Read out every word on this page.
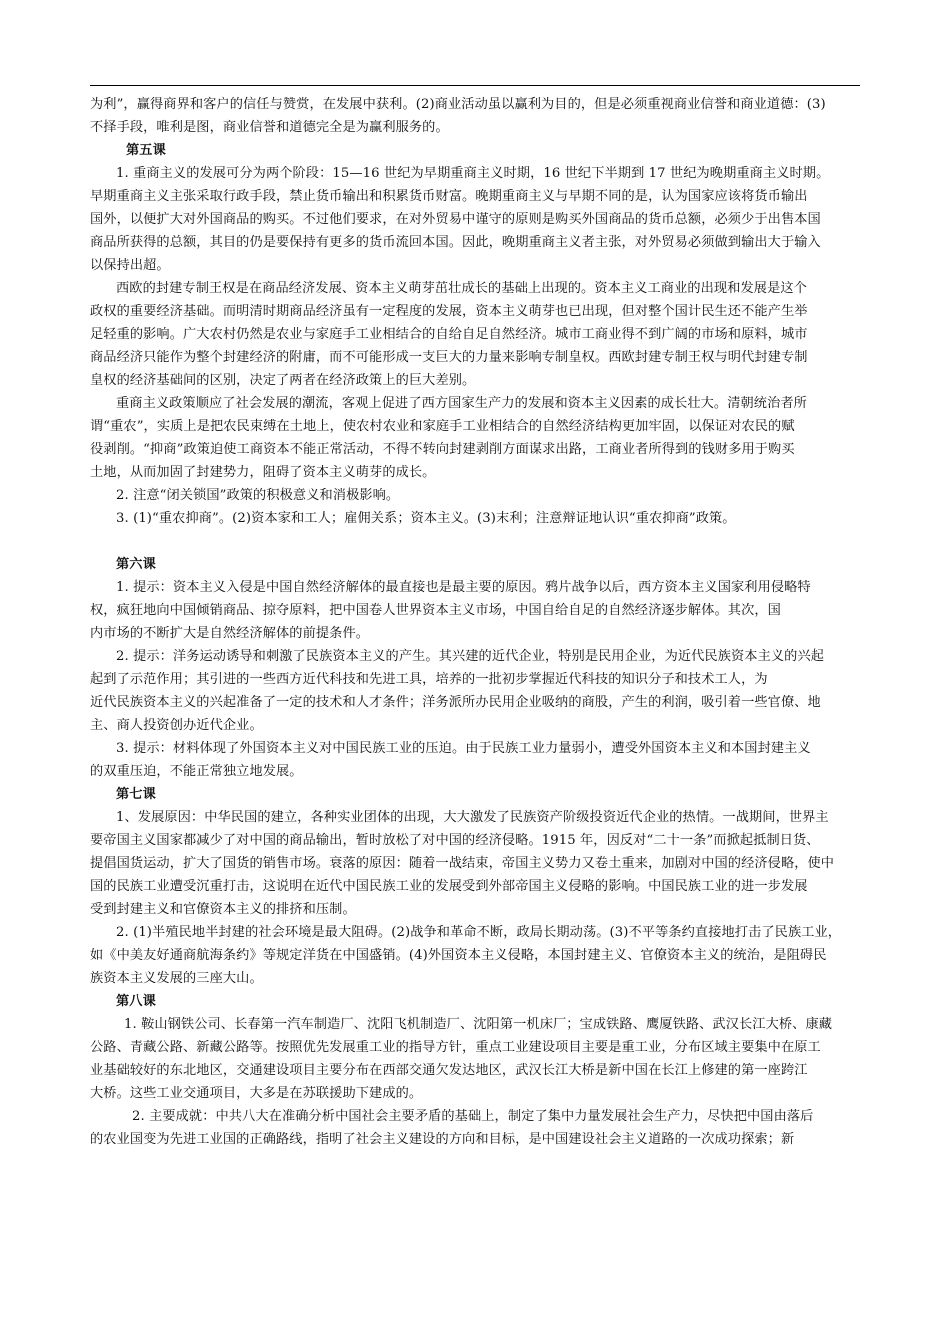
为利”，赢得商界和客户的信任与赞赏，在发展中获利。(2)商业活动虽以赢利为目的，但是必须重视商业信誉和商业道德：(3)
不择手段，唯利是图，商业信誉和道德完全是为赢利服务的。
第五课
1. 重商主义的发展可分为两个阶段：15—16 世纪为早期重商主义时期，16 世纪下半期到 17 世纪为晚期重商主义时期。
早期重商主义主张采取行政手段，禁止货币输出和积累货币财富。晚期重商主义与早期不同的是，认为国家应该将货币输出
国外，以便扩大对外国商品的购买。不过他们要求，在对外贸易中谨守的原则是购买外国商品的货币总额，必须少于出售本国
商品所获得的总额，其目的仍是要保持有更多的货币流回本国。因此，晚期重商主义者主张，对外贸易必须做到输出大于输入
以保持出超。
西欧的封建专制王权是在商品经济发展、资本主义萌芽茁壮成长的基础上出现的。资本主义工商业的出现和发展是这个
政权的重要经济基础。而明清时期商品经济虽有一定程度的发展，资本主义萌芽也已出现，但对整个国计民生还不能产生举
足轻重的影响。广大农村仍然是农业与家庭手工业相结合的自给自足自然经济。城市工商业得不到广阔的市场和原料，城市
商品经济只能作为整个封建经济的附庸，而不可能形成一支巨大的力量来影响专制皇权。西欧封建专制王权与明代封建专制
皇权的经济基础间的区别，决定了两者在经济政策上的巨大差别。
重商主义政策顺应了社会发展的潮流，客观上促进了西方国家生产力的发展和资本主义因素的成长壮大。清朝统治者所
谓“重农”，实质上是把农民束缚在土地上，使农村农业和家庭手工业相结合的自然经济结构更加牢固，以保证对农民的赋
役剥削。“抑商”政策迫使工商资本不能正常活动，不得不转向封建剥削方面谋求出路，工商业者所得到的钱财多用于购买
土地，从而加固了封建势力，阻碍了资本主义萌芽的成长。
2. 注意“闭关锁国”政策的积极意义和消极影响。
3. (1)“重农抑商”。(2)资本家和工人；雇佣关系；资本主义。(3)末利；注意辩证地认识“重农抑商”政策。
第六课
1. 提示：资本主义入侵是中国自然经济解体的最直接也是最主要的原因。鸦片战争以后，西方资本主义国家利用侵略特
权，疯狂地向中国倾销商品、掠夺原料，把中国卷人世界资本主义市场，中国自给自足的自然经济逐步解体。其次，国
内市场的不断扩大是自然经济解体的前提条件。
2. 提示：洋务运动诱导和刺激了民族资本主义的产生。其兴建的近代企业，特别是民用企业，为近代民族资本主义的兴起
起到了示范作用；其引进的一些西方近代科技和先进工具，培养的一批初步掌握近代科技的知识分子和技术工人，为
近代民族资本主义的兴起准备了一定的技术和人才条件；洋务派所办民用企业吸纳的商股，产生的利润，吸引着一些官僚、地
主、商人投资创办近代企业。
3. 提示：材料体现了外国资本主义对中国民族工业的压迫。由于民族工业力量弱小，遭受外国资本主义和本国封建主义
的双重压迫，不能正常独立地发展。
第七课
1、发展原因：中华民国的建立，各种实业团体的出现，大大激发了民族资产阶级投资近代企业的热情。一战期间，世界主
要帝国主义国家都减少了对中国的商品输出，暂时放松了对中国的经济侵略。1915 年，因反对“二十一条”而掀起抵制日货、
提倡国货运动，扩大了国货的销售市场。衰落的原因：随着一战结束，帝国主义势力又卷土重来，加剧对中国的经济侵略，使中
国的民族工业遭受沉重打击，这说明在近代中国民族工业的发展受到外部帝国主义侵略的影响。中国民族工业的进一步发展
受到封建主义和官僚资本主义的排挤和压制。
2. (1)半殖民地半封建的社会环境是最大阻碍。(2)战争和革命不断，政局长期动荡。(3)不平等条约直接地打击了民族工业，
如《中美友好通商航海条约》等规定洋货在中国盛销。(4)外国资本主义侵略，本国封建主义、官僚资本主义的统治，是阻碍民
族资本主义发展的三座大山。
第八课
1. 鞍山钢铁公司、长春第一汽车制造厂、沈阳飞机制造厂、沈阳第一机床厂；宝成铁路、鹰厦铁路、武汉长江大桥、康藏
公路、青藏公路、新藏公路等。按照优先发展重工业的指导方针，重点工业建设项目主要是重工业，分布区域主要集中在原工
业基础较好的东北地区，交通建设项目主要分布在西部交通欠发达地区，武汉长江大桥是新中国在长江上修建的第一座跨江
大桥。这些工业交通项目，大多是在苏联援助下建成的。
2. 主要成就：中共八大在准确分析中国社会主要矛盾的基础上，制定了集中力量发展社会生产力，尽快把中国由落后
的农业国变为先进工业国的正确路线，指明了社会主义建设的方向和目标，是中国建设社会主义道路的一次成功探索；新
